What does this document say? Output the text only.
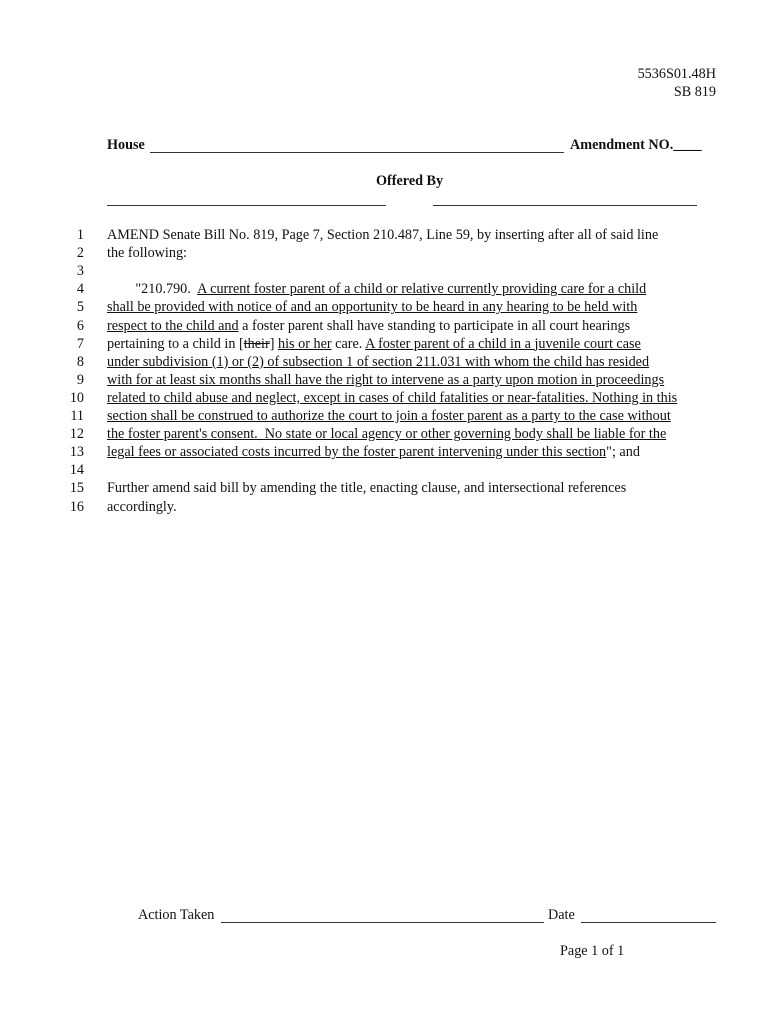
5536S01.48H
SB 819
House	Amendment NO.____
Offered By
1 AMEND Senate Bill No. 819, Page 7, Section 210.487, Line 59, by inserting after all of said line
2 the following:
3
4 "210.790.  A current foster parent of a child or relative currently providing care for a child
5 shall be provided with notice of and an opportunity to be heard in any hearing to be held with
6 respect to the child and a foster parent shall have standing to participate in all court hearings
7 pertaining to a child in [their] his or her care. A foster parent of a child in a juvenile court case
8 under subdivision (1) or (2) of subsection 1 of section 211.031 with whom the child has resided
9 with for at least six months shall have the right to intervene as a party upon motion in proceedings
10 related to child abuse and neglect, except in cases of child fatalities or near-fatalities. Nothing in this
11 section shall be construed to authorize the court to join a foster parent as a party to the case without
12 the foster parent's consent.  No state or local agency or other governing body shall be liable for the
13 legal fees or associated costs incurred by the foster parent intervening under this section"; and
14
15 Further amend said bill by amending the title, enacting clause, and intersectional references
16 accordingly.
Action Taken	Date
Page 1 of 1
